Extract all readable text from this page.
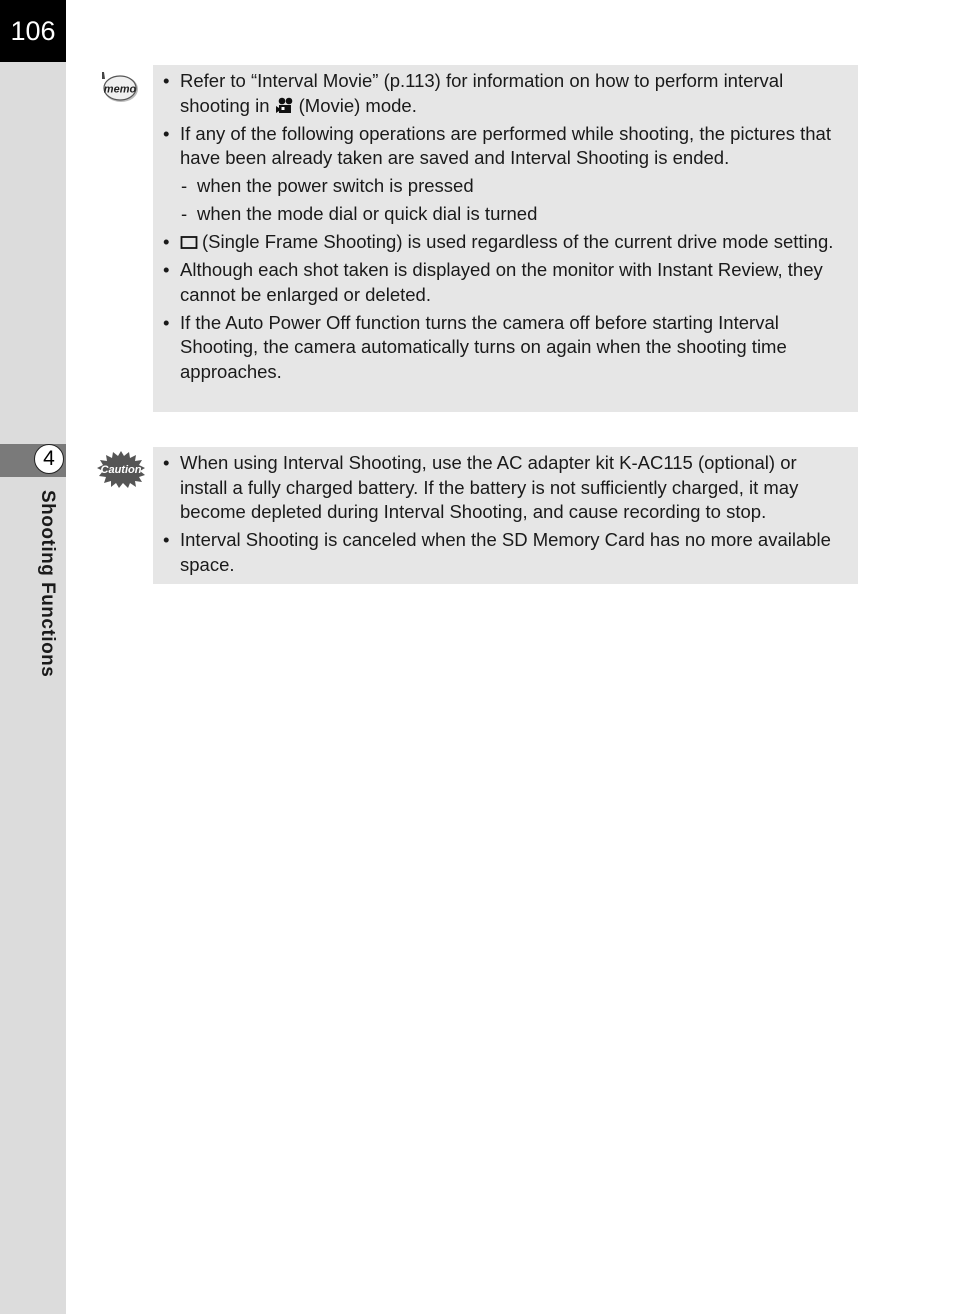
106
4
Shooting Functions
memo • Refer to “Interval Movie” (p.113) for information on how to perform interval shooting in (Movie) mode.
• If any of the following operations are performed while shooting, the pictures that have been already taken are saved and Interval Shooting is ended.
- when the power switch is pressed
- when the mode dial or quick dial is turned
• (Single Frame Shooting) is used regardless of the current drive mode setting.
• Although each shot taken is displayed on the monitor with Instant Review, they cannot be enlarged or deleted.
• If the Auto Power Off function turns the camera off before starting Interval Shooting, the camera automatically turns on again when the shooting time approaches.
Caution • When using Interval Shooting, use the AC adapter kit K-AC115 (optional) or install a fully charged battery. If the battery is not sufficiently charged, it may become depleted during Interval Shooting, and cause recording to stop.
• Interval Shooting is canceled when the SD Memory Card has no more available space.
